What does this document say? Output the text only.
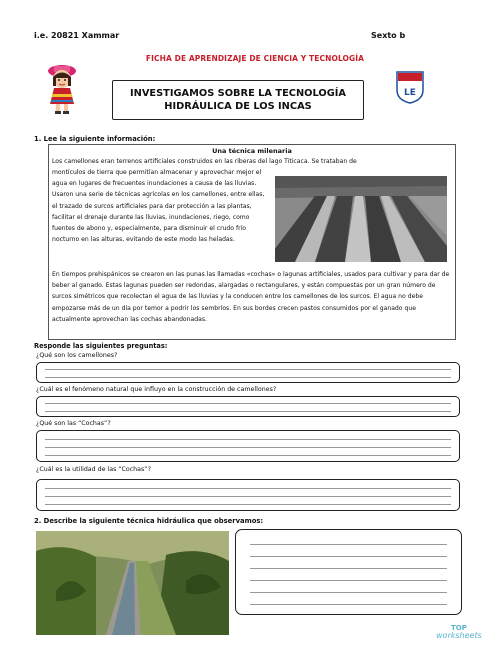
i.e. 20821 Xammar	Sexto b
FICHA DE APRENDIZAJE DE CIENCIA Y TECNOLOGÍA
INVESTIGAMOS SOBRE LA TECNOLOGÍA
HIDRÁULICA DE LOS INCAS
LE
1. Lee la siguiente información:
Una técnica milenaria
Los camellones eran terrenos artificiales construidos en las riberas del lago Titicaca. Se trataban de
montículos de tierra que permitían almacenar y aprovechar mejor el agua en lugares de frecuentes inundaciones a causa de las lluvias. Usaron una serie de técnicas agrícolas en los camellones, entre ellas, el trazado de surcos artificiales para dar protección a las plantas, facilitar el drenaje durante las lluvias, inundaciones, riego, como fuentes de abono y, especialmente, para disminuir el crudo frío nocturno en las alturas, evitando de este modo las heladas.
En tiempos prehispánicos se crearon en las punas las llamadas «cochas» o lagunas artificiales, usados para cultivar y para dar de beber al ganado. Estas lagunas pueden ser redondas, alargadas o rectangulares, y están compuestas por un gran número de surcos simétricos que recolectan el agua de las lluvias y la conducen entre los camellones de los surcos. El agua no debe empozarse más de un día por temor a podrir los sembríos. En sus bordes crecen pastos consumidos por el ganado que actualmente aprovechan las cochas abandonadas.
Responde las siguientes preguntas:
¿Qué son los camellones?
¿Cuál es el fenómeno natural que influyo en la construcción de camellones?
¿Qué son las “Cochas”?
¿Cuál es la utilidad de las “Cochas”?
2. Describe la siguiente técnica hidráulica que observamos:
TOP
worksheets
